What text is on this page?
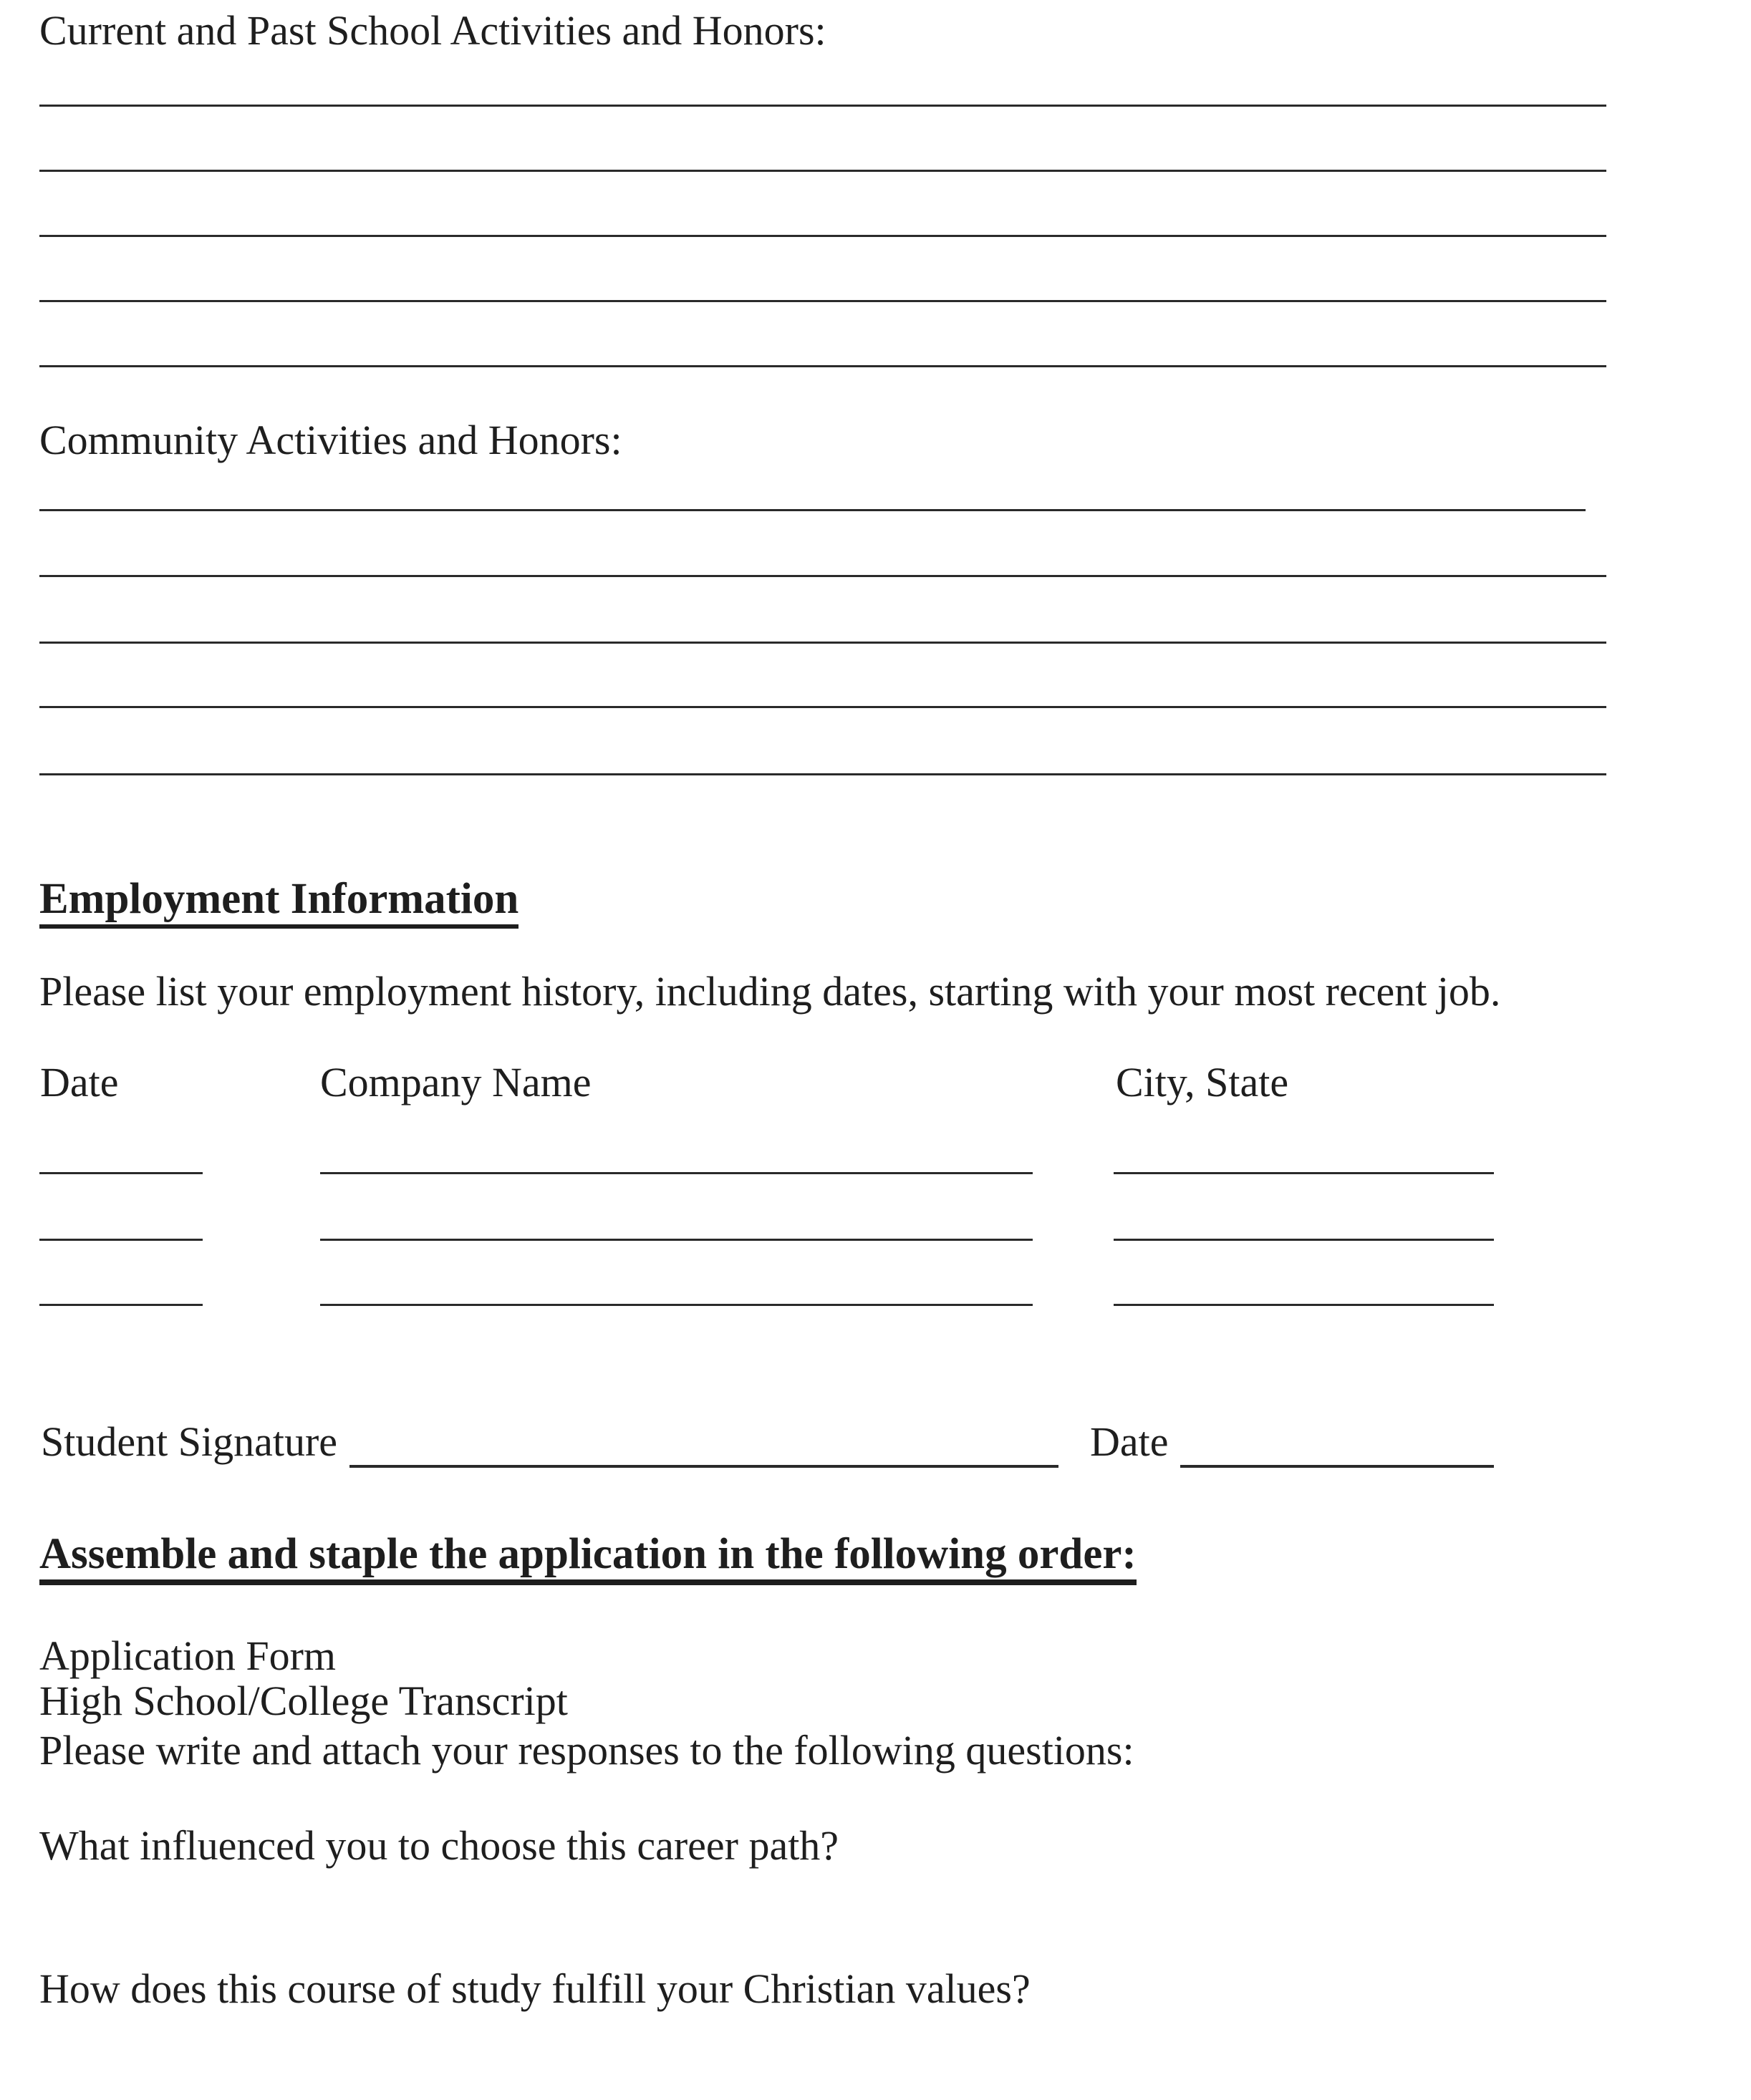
Current and Past School Activities and Honors:
Community Activities and Honors:
Employment Information
Please list your employment history, including dates, starting with your most recent job.
Date	Company Name	City, State
Student Signature	Date
Assemble and staple the application in the following order:
Application Form
High School/College Transcript
Please write and attach your responses to the following questions:
What influenced you to choose this career path?
How does this course of study fulfill your Christian values?
